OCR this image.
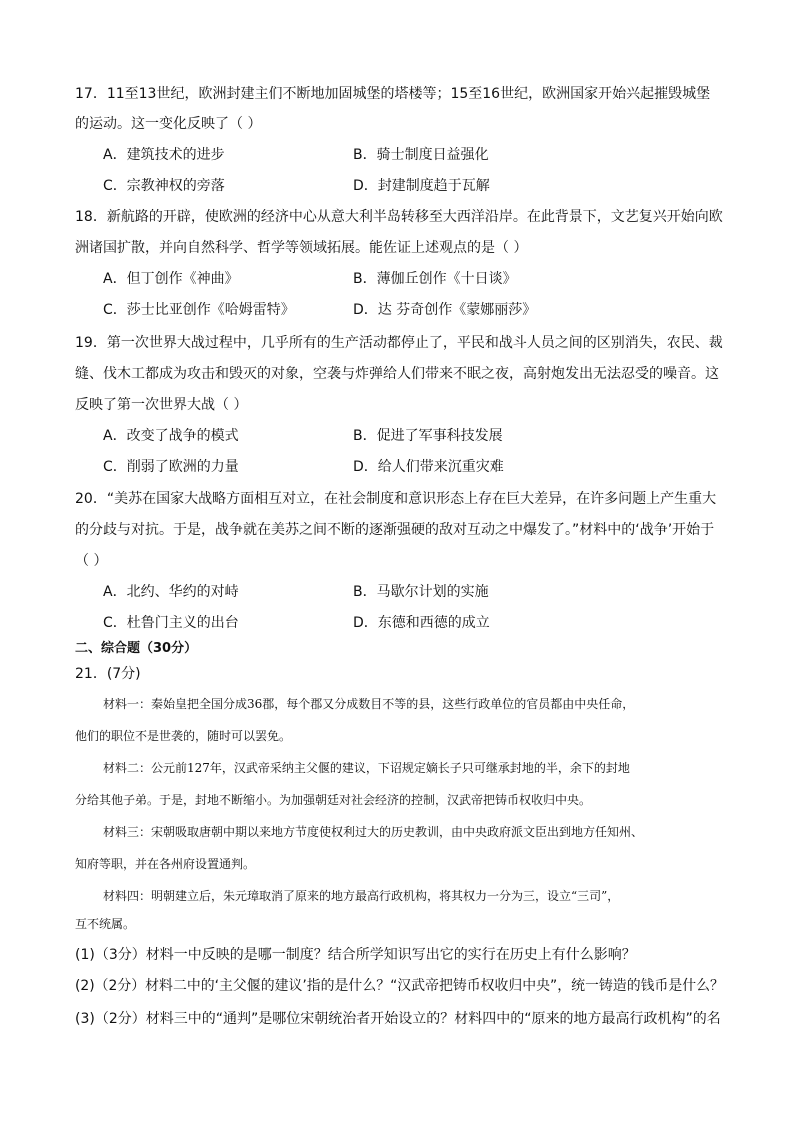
17．11至13世纪，欧洲封建主们不断地加固城堡的塔楼等；15至16世纪，欧洲国家开始兴起摧毁城堡
的运动。这一变化反映了（ ）
A．建筑技术的进步	B．骑士制度日益强化
C．宗教神权的旁落	D．封建制度趋于瓦解
18．新航路的开辟，使欧洲的经济中心从意大利半岛转移至大西洋沿岸。在此背景下，文艺复兴开始向欧
洲诸国扩散，并向自然科学、哲学等领域拓展。能佐证上述观点的是（ ）
A．但丁创作《神曲》	B．薄伽丘创作《十日谈》
C．莎士比亚创作《哈姆雷特》	D．达 芬奇创作《蒙娜丽莎》
19．第一次世界大战过程中，几乎所有的生产活动都停止了，平民和战斗人员之间的区别消失，农民、裁
缝、伐木工都成为攻击和毁灭的对象，空袭与炸弹给人们带来不眠之夜，高射炮发出无法忍受的噪音。这
反映了第一次世界大战（ ）
A．改变了战争的模式	B．促进了军事科技发展
C．削弱了欧洲的力量	D．给人们带来沉重灾难
20．“美苏在国家大战略方面相互对立，在社会制度和意识形态上存在巨大差异，在许多问题上产生重大
的分歧与对抗。于是，战争就在美苏之间不断的逐渐强硬的敌对互动之中爆发了。”材料中的‘战争’开始于
（ ）
A．北约、华约的对峙	B．马歇尔计划的实施
C．杜鲁门主义的出台	D．东德和西德的成立
二、综合题（30分）
21．(7分)
材料一：秦始皇把全国分成36郡，每个郡又分成数目不等的县，这些行政单位的官员都由中央任命，
他们的职位不是世袭的，随时可以罢免。
材料二：公元前127年，汉武帝采纳主父偃的建议，下诏规定嫡长子只可继承封地的半，余下的封地
分给其他子弟。于是，封地不断缩小。为加强朝廷对社会经济的控制，汉武帝把铸币权收归中央。
材料三：宋朝吸取唐朝中期以来地方节度使权利过大的历史教训，由中央政府派文臣出到地方任知州、
知府等职，并在各州府设置通判。
材料四：明朝建立后，朱元璋取消了原来的地方最高行政机构，将其权力一分为三，设立“三司”，
互不统属。
(1)（3分）材料一中反映的是哪一制度？结合所学知识写出它的实行在历史上有什么影响？
(2)（2分）材料二中的‘主父偃的建议’指的是什么？“汉武帝把铸币权收归中央”，统一铸造的钱币是什么？
(3)（2分）材料三中的“通判”是哪位宋朝统治者开始设立的？材料四中的“原来的地方最高行政机构”的名
